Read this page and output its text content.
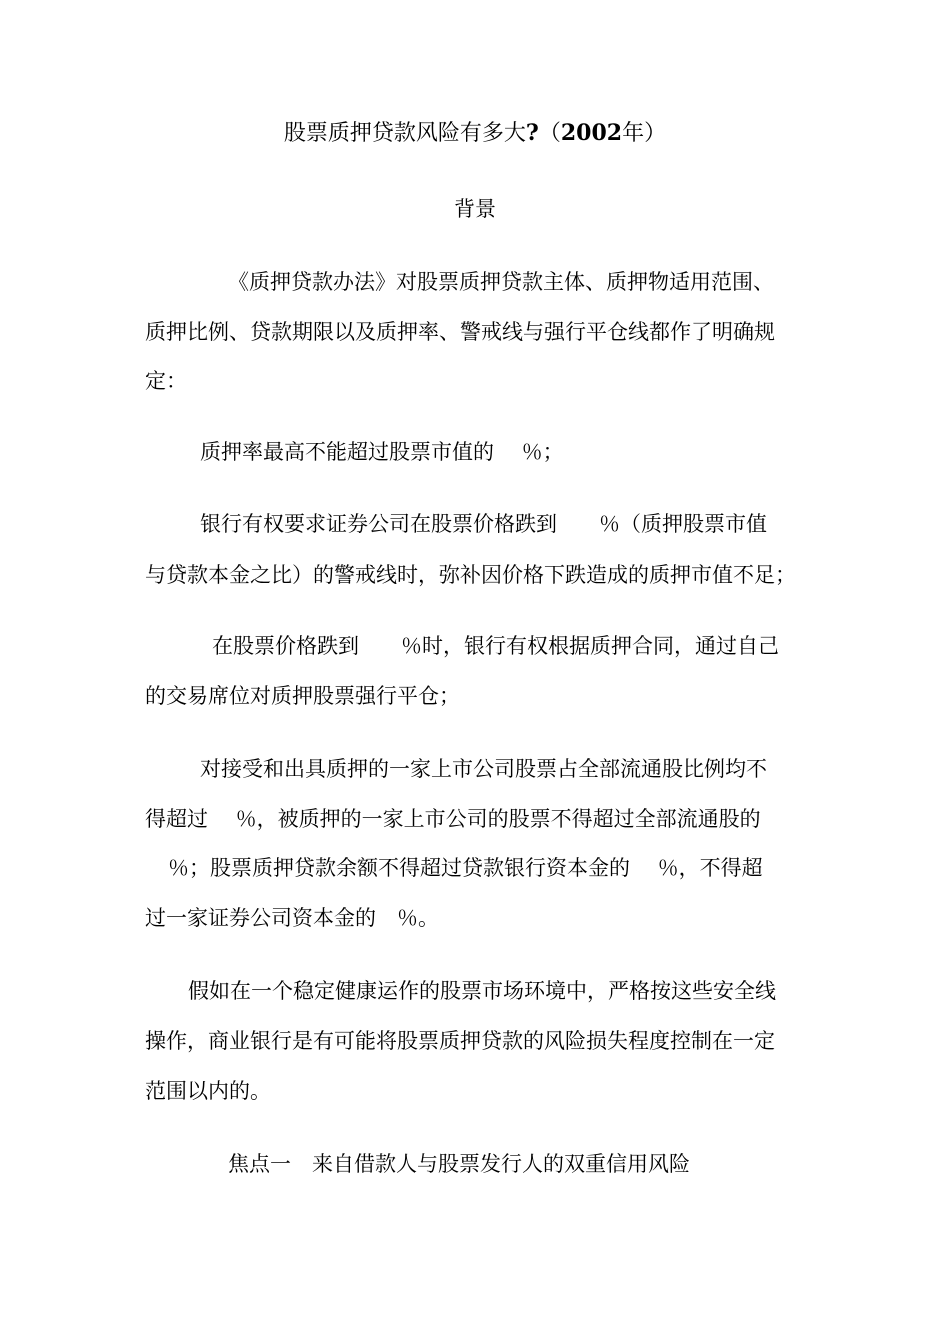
股票质押贷款风险有多大?（2002年）
背景
《质押贷款办法》对股票质押贷款主体、质押物适用范围、
质押比例、贷款期限以及质押率、警戒线与强行平仓线都作了明确规
定：
质押率最高不能超过股票市值的　 ％；
银行有权要求证券公司在股票价格跌到　　％（质押股票市值
与贷款本金之比）的警戒线时，弥补因价格下跌造成的质押市值不足；
在股票价格跌到　　％时，银行有权根据质押合同，通过自己
的交易席位对质押股票强行平仓；
对接受和出具质押的一家上市公司股票占全部流通股比例均不
得超过　 ％，被质押的一家上市公司的股票不得超过全部流通股的
％；股票质押贷款余额不得超过贷款银行资本金的　 ％，不得超
过一家证券公司资本金的　％。
假如在一个稳定健康运作的股票市场环境中，严格按这些安全线
操作，商业银行是有可能将股票质押贷款的风险损失程度控制在一定
范围以内的。
焦点一　来自借款人与股票发行人的双重信用风险
